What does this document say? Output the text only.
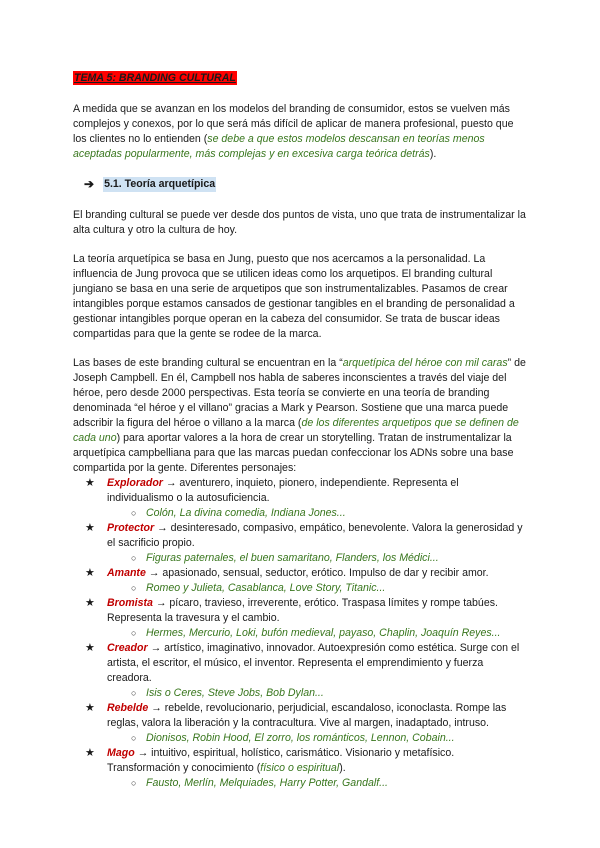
TEMA 5: BRANDING CULTURAL

A medida que se avanzan en los modelos del branding de consumidor, estos se vuelven más complejos y conexos, por lo que será más difícil de aplicar de manera profesional, puesto que los clientes no lo entienden (se debe a que estos modelos descansan en teorías menos aceptadas popularmente, más complejas y en excesiva carga teórica detrás).

➔ 5.1. Teoría arquetípica

El branding cultural se puede ver desde dos puntos de vista, uno que trata de instrumentalizar la alta cultura y otro la cultura de hoy.

La teoría arquetípica se basa en Jung, puesto que nos acercamos a la personalidad. La influencia de Jung provoca que se utilicen ideas como los arquetipos. El branding cultural jungiano se basa en una serie de arquetipos que son instrumentalizables. Pasamos de crear intangibles porque estamos cansados de gestionar tangibles en el branding de personalidad a gestionar intangibles porque operan en la cabeza del consumidor. Se trata de buscar ideas compartidas para que la gente se rodee de la marca.

Las bases de este branding cultural se encuentran en la “arquetípica del héroe con mil caras” de Joseph Campbell. En él, Campbell nos habla de saberes inconscientes a través del viaje del héroe, pero desde 2000 perspectivas. Esta teoría se convierte en una teoría de branding denominada “el héroe y el villano” gracias a Mark y Pearson. Sostiene que una marca puede adscribir la figura del héroe o villano a la marca (de los diferentes arquetipos que se definen de cada uno) para aportar valores a la hora de crear un storytelling. Tratan de instrumentalizar la arquetípica campbelliana para que las marcas puedan confeccionar los ADNs sobre una base compartida por la gente. Diferentes personajes:

★ Explorador → aventurero, inquieto, pionero, independiente. Representa el individualismo o la autosuficiencia.
○ Colón, La divina comedia, Indiana Jones...
★ Protector → desinteresado, compasivo, empático, benevolente. Valora la generosidad y el sacrificio propio.
○ Figuras paternales, el buen samaritano, Flanders, los Médici...
★ Amante → apasionado, sensual, seductor, erótico. Impulso de dar y recibir amor.
○ Romeo y Julieta, Casablanca, Love Story, Titanic...
★ Bromista → pícaro, travieso, irreverente, erótico. Traspasa límites y rompe tabúes. Representa la travesura y el cambio.
○ Hermes, Mercurio, Loki, bufón medieval, payaso, Chaplin, Joaquín Reyes...
★ Creador → artístico, imaginativo, innovador. Autoexpresión como estética. Surge con el artista, el escritor, el músico, el inventor. Representa el emprendimiento y fuerza creadora.
○ Isis o Ceres, Steve Jobs, Bob Dylan...
★ Rebelde → rebelde, revolucionario, perjudicial, escandaloso, iconoclasta. Rompe las reglas, valora la liberación y la contracultura. Vive al margen, inadaptado, intruso.
○ Dionisos, Robin Hood, El zorro, los románticos, Lennon, Cobain...
★ Mago → intuitivo, espiritual, holístico, carismático. Visionario y metafísico. Transformación y conocimiento (físico o espiritual).
○ Fausto, Merlín, Melquiades, Harry Potter, Gandalf...
